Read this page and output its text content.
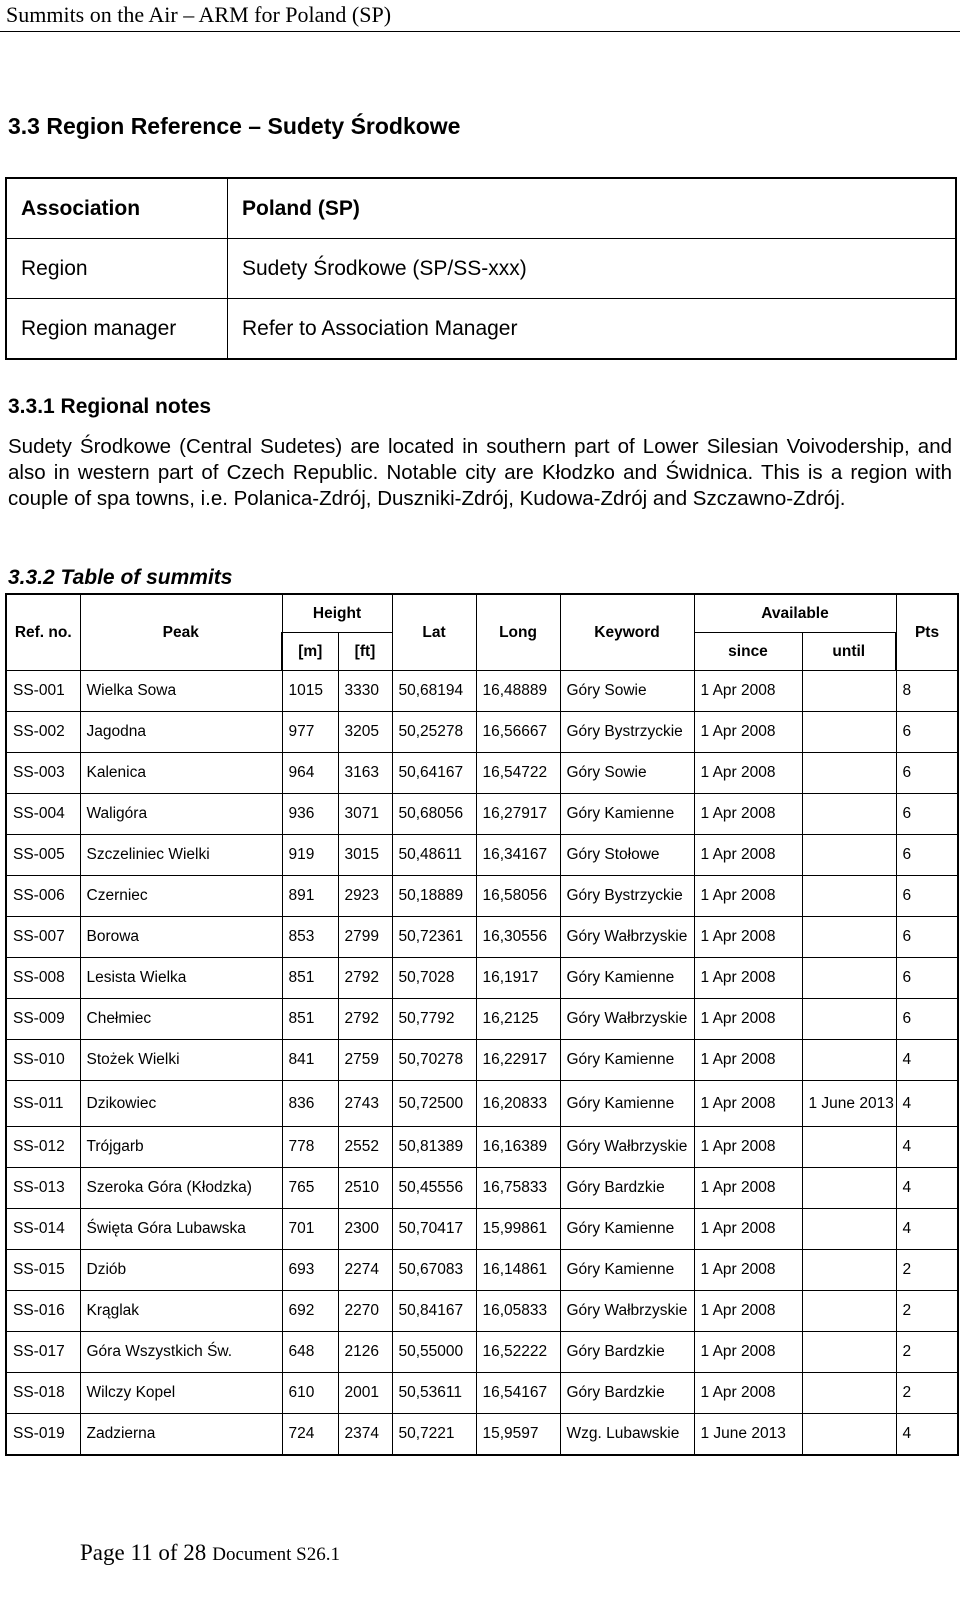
Summits on the Air – ARM for Poland (SP)
3.3 Region Reference – Sudety Środkowe
Association	Poland (SP)
Region	Sudety Środkowe (SP/SS-xxx)
Region manager	Refer to Association Manager
3.3.1 Regional notes
Sudety Środkowe (Central Sudetes) are located in southern part of Lower Silesian Voivodership, and also in western part of Czech Republic. Notable city are Kłodzko and Świdnica. This is a region with couple of spa towns, i.e. Polanica-Zdrój, Duszniki-Zdrój, Kudowa-Zdrój and Szczawno-Zdrój.
3.3.2 Table of summits
Ref. no.	Peak	Height		Lat	Long	Keyword	Available		Pts
		[m]	[ft]				since	until	
SS-001	Wielka Sowa	1015	3330	50,68194	16,48889	Góry Sowie	1 Apr 2008		8
SS-002	Jagodna	977	3205	50,25278	16,56667	Góry Bystrzyckie	1 Apr 2008		6
SS-003	Kalenica	964	3163	50,64167	16,54722	Góry Sowie	1 Apr 2008		6
SS-004	Waligóra	936	3071	50,68056	16,27917	Góry Kamienne	1 Apr 2008		6
SS-005	Szczeliniec Wielki	919	3015	50,48611	16,34167	Góry Stołowe	1 Apr 2008		6
SS-006	Czerniec	891	2923	50,18889	16,58056	Góry Bystrzyckie	1 Apr 2008		6
SS-007	Borowa	853	2799	50,72361	16,30556	Góry Wałbrzyskie	1 Apr 2008		6
SS-008	Lesista Wielka	851	2792	50,7028	16,1917	Góry Kamienne	1 Apr 2008		6
SS-009	Chełmiec	851	2792	50,7792	16,2125	Góry Wałbrzyskie	1 Apr 2008		6
SS-010	Stożek Wielki	841	2759	50,70278	16,22917	Góry Kamienne	1 Apr 2008		4
SS-011	Dzikowiec	836	2743	50,72500	16,20833	Góry Kamienne	1 Apr 2008	1 June 2013	4
SS-012	Trójgarb	778	2552	50,81389	16,16389	Góry Wałbrzyskie	1 Apr 2008		4
SS-013	Szeroka Góra (Kłodzka)	765	2510	50,45556	16,75833	Góry Bardzkie	1 Apr 2008		4
SS-014	Święta Góra Lubawska	701	2300	50,70417	15,99861	Góry Kamienne	1 Apr 2008		4
SS-015	Dziób	693	2274	50,67083	16,14861	Góry Kamienne	1 Apr 2008		2
SS-016	Krąglak	692	2270	50,84167	16,05833	Góry Wałbrzyskie	1 Apr 2008		2
SS-017	Góra Wszystkich Św.	648	2126	50,55000	16,52222	Góry Bardzkie	1 Apr 2008		2
SS-018	Wilczy Kopel	610	2001	50,53611	16,54167	Góry Bardzkie	1 Apr 2008		2
SS-019	Zadzierna	724	2374	50,7221	15,9597	Wzg. Lubawskie	1 June 2013		4
Page 11 of 28 Document S26.1
